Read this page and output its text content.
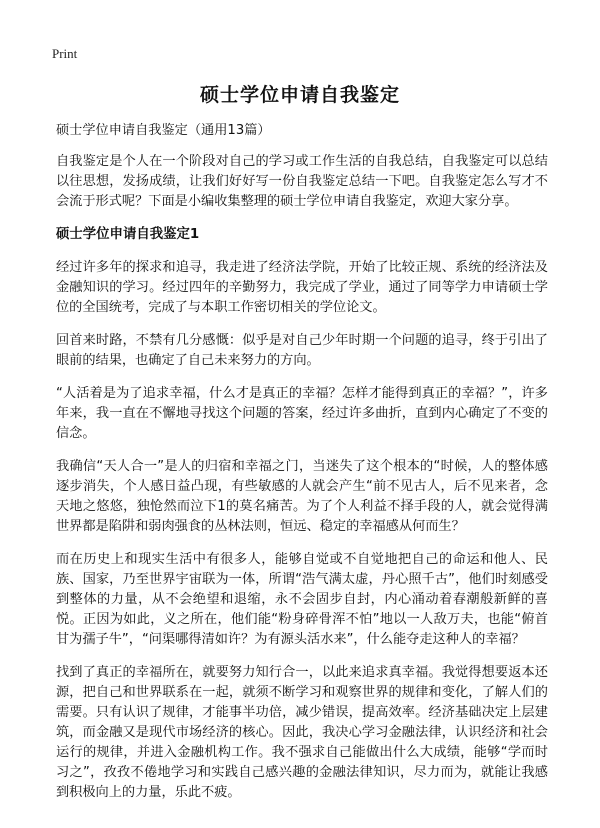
Print
硕士学位申请自我鉴定

硕士学位申请自我鉴定（通用13篇）

自我鉴定是个人在一个阶段对自己的学习或工作生活的自我总结，自我鉴定可以总结以往思想，发扬成绩，让我们好好写一份自我鉴定总结一下吧。自我鉴定怎么写才不会流于形式呢？下面是小编收集整理的硕士学位申请自我鉴定，欢迎大家分享。

硕士学位申请自我鉴定1

经过许多年的探求和追寻，我走进了经济法学院，开始了比较正规、系统的经济法及金融知识的学习。经过四年的辛勤努力，我完成了学业，通过了同等学力申请硕士学位的全国统考，完成了与本职工作密切相关的学位论文。

回首来时路，不禁有几分感慨：似乎是对自己少年时期一个问题的追寻，终于引出了眼前的结果，也确定了自己未来努力的方向。

“人活着是为了追求幸福，什么才是真正的幸福？怎样才能得到真正的幸福？”，许多年来，我一直在不懈地寻找这个问题的答案，经过许多曲折，直到内心确定了不变的信念。

我确信“天人合一”是人的归宿和幸福之门，当迷失了这个根本的“时候，人的整体感逐步消失，个人感日益凸现，有些敏感的人就会产生“前不见古人，后不见来者，念天地之悠悠，独怆然而泣下1的莫名痛苦。为了个人利益不择手段的人，就会觉得满世界都是陷阱和弱肉强食的丛林法则，恒远、稳定的幸福感从何而生？

而在历史上和现实生活中有很多人，能够自觉或不自觉地把自己的命运和他人、民族、国家，乃至世界宇宙联为一体，所谓“浩气满太虚，丹心照千古”，他们时刻感受到整体的力量，从不会绝望和退缩，永不会固步自封，内心涌动着春潮般新鲜的喜悦。正因为如此，义之所在，他们能“粉身碎骨浑不怕”地以一人敌万夫，也能“俯首甘为孺子牛”，“问渠哪得清如许？为有源头活水来”，什么能夺走这种人的幸福？

找到了真正的幸福所在，就要努力知行合一，以此来追求真幸福。我觉得想要返本还源，把自己和世界联系在一起，就须不断学习和观察世界的规律和变化，了解人们的需要。只有认识了规律，才能事半功倍，减少错误，提高效率。经济基础决定上层建筑，而金融又是现代市场经济的核心。因此，我决心学习金融法律，认识经济和社会运行的规律，并进入金融机构工作。我不强求自己能做出什么大成绩，能够“学而时习之”，孜孜不倦地学习和实践自己感兴趣的金融法律知识，尽力而为，就能让我感到积极向上的力量，乐此不疲。
